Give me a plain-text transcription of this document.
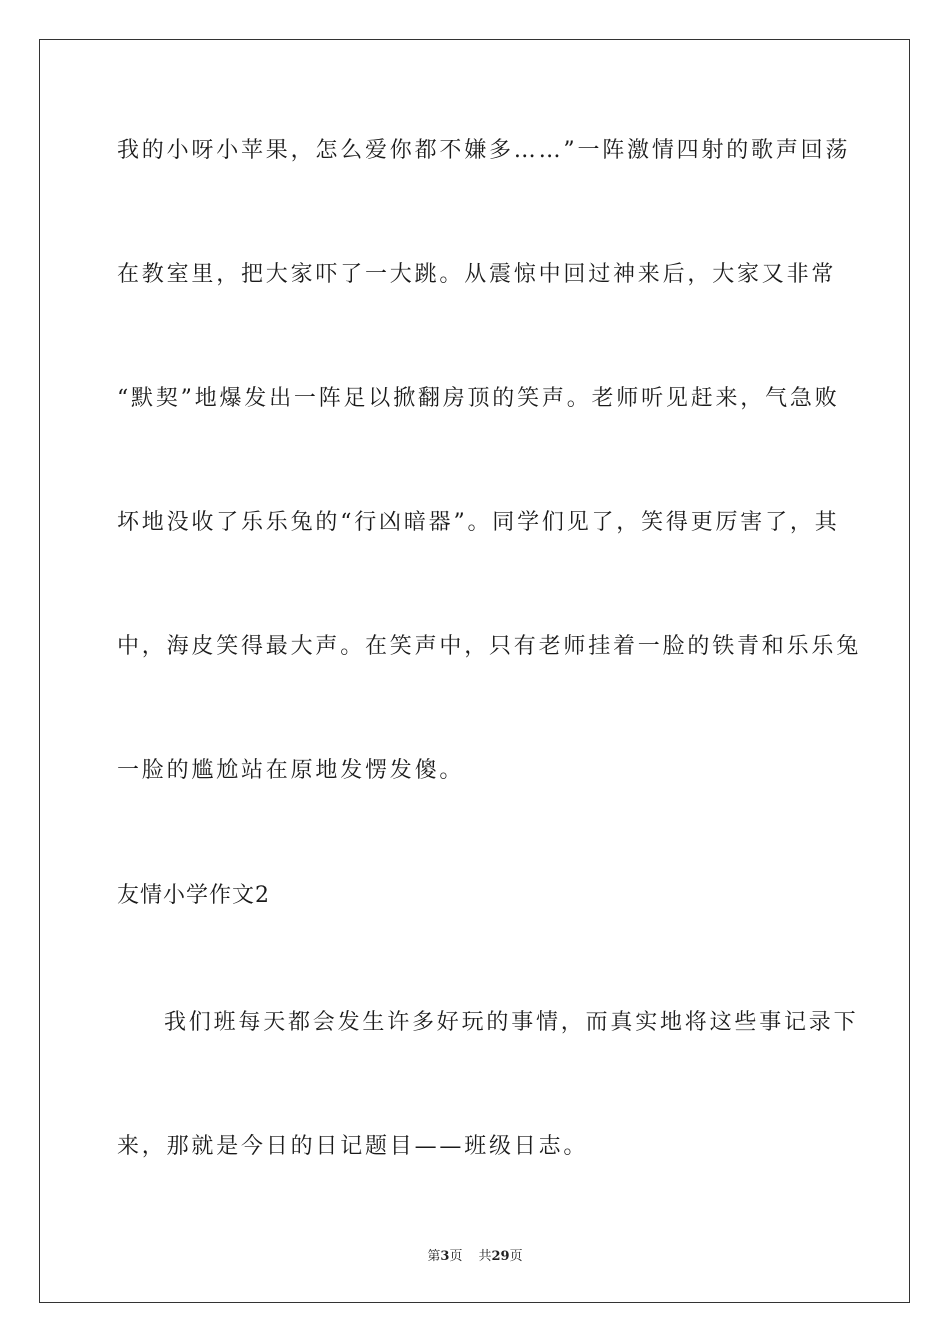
我的小呀小苹果，怎么爱你都不嫌多……”一阵激情四射的歌声回荡
在教室里，把大家吓了一大跳。从震惊中回过神来后，大家又非常
“默契”地爆发出一阵足以掀翻房顶的笑声。老师听见赶来，气急败
坏地没收了乐乐兔的“行凶暗器”。同学们见了，笑得更厉害了，其
中，海皮笑得最大声。在笑声中，只有老师挂着一脸的铁青和乐乐兔
一脸的尴尬站在原地发愣发傻。
友情小学作文2
我们班每天都会发生许多好玩的事情，而真实地将这些事记录下
来，那就是今日的日记题目——班级日志。
第3页 共29页
